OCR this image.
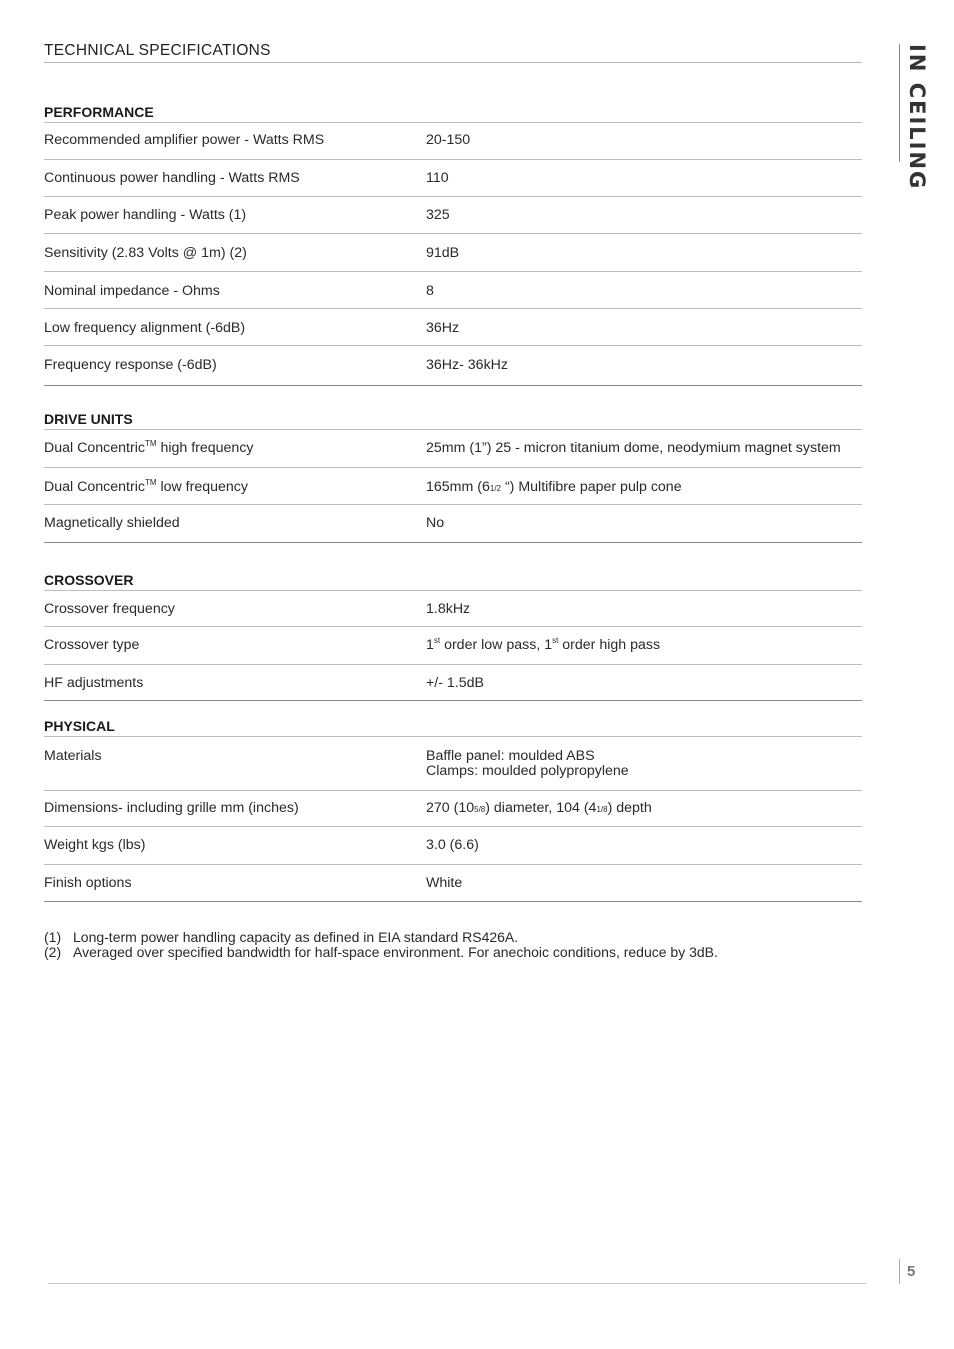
TECHNICAL SPECIFICATIONS	IN CEILING
PERFORMANCE
Recommended amplifier power - Watts RMS	20-150
Continuous power handling - Watts RMS	110
Peak power handling - Watts (1)	325
Sensitivity (2.83 Volts @ 1m) (2)	91dB
Nominal impedance - Ohms	8
Low frequency alignment (-6dB)	36Hz
Frequency response (-6dB)	36Hz- 36kHz
DRIVE UNITS
Dual Concentric™ high frequency	25mm (1”) 25 - micron titanium dome, neodymium magnet system
Dual Concentric™ low frequency	165mm (61/2 “) Multifibre paper pulp cone
Magnetically shielded	No
CROSSOVER
Crossover frequency	1.8kHz
Crossover type	1st order low pass, 1st order high pass
HF adjustments	+/- 1.5dB
PHYSICAL
Materials	Baffle panel: moulded ABS
Clamps: moulded polypropylene
Dimensions- including grille mm (inches)	270 (105/8) diameter, 104 (41/8) depth
Weight kgs (lbs)	3.0 (6.6)
Finish options	White
(1) Long-term power handling capacity as defined in EIA standard RS426A.
(2) Averaged over specified bandwidth for half-space environment. For anechoic conditions, reduce by 3dB.
5
